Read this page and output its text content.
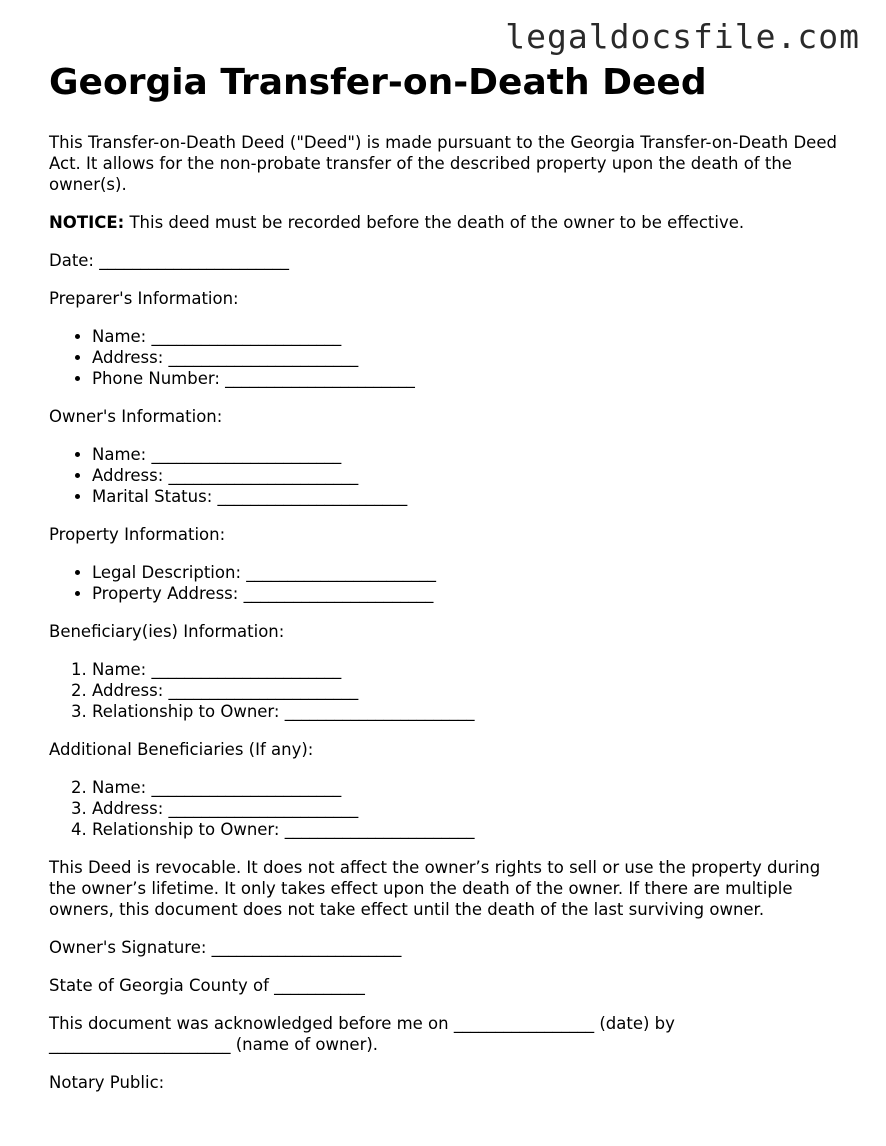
legaldocsfile.com

Georgia Transfer-on-Death Deed

This Transfer-on-Death Deed ("Deed") is made pursuant to the Georgia Transfer-on-Death Deed Act. It allows for the non-probate transfer of the described property upon the death of the owner(s).

NOTICE: This deed must be recorded before the death of the owner to be effective.

Date: _______________________

Preparer's Information:

• Name: _______________________
• Address: _______________________
• Phone Number: _______________________

Owner's Information:

• Name: _______________________
• Address: _______________________
• Marital Status: _______________________

Property Information:

• Legal Description: _______________________
• Property Address: _______________________

Beneficiary(ies) Information:

1. Name: _______________________
2. Address: _______________________
3. Relationship to Owner: _______________________

Additional Beneficiaries (If any):

2. Name: _______________________
3. Address: _______________________
4. Relationship to Owner: _______________________

This Deed is revocable. It does not affect the owner’s rights to sell or use the property during the owner’s lifetime. It only takes effect upon the death of the owner. If there are multiple owners, this document does not take effect until the death of the last surviving owner.

Owner's Signature: _______________________

State of Georgia County of ___________

This document was acknowledged before me on _________________ (date) by ______________________ (name of owner).

Notary Public:
